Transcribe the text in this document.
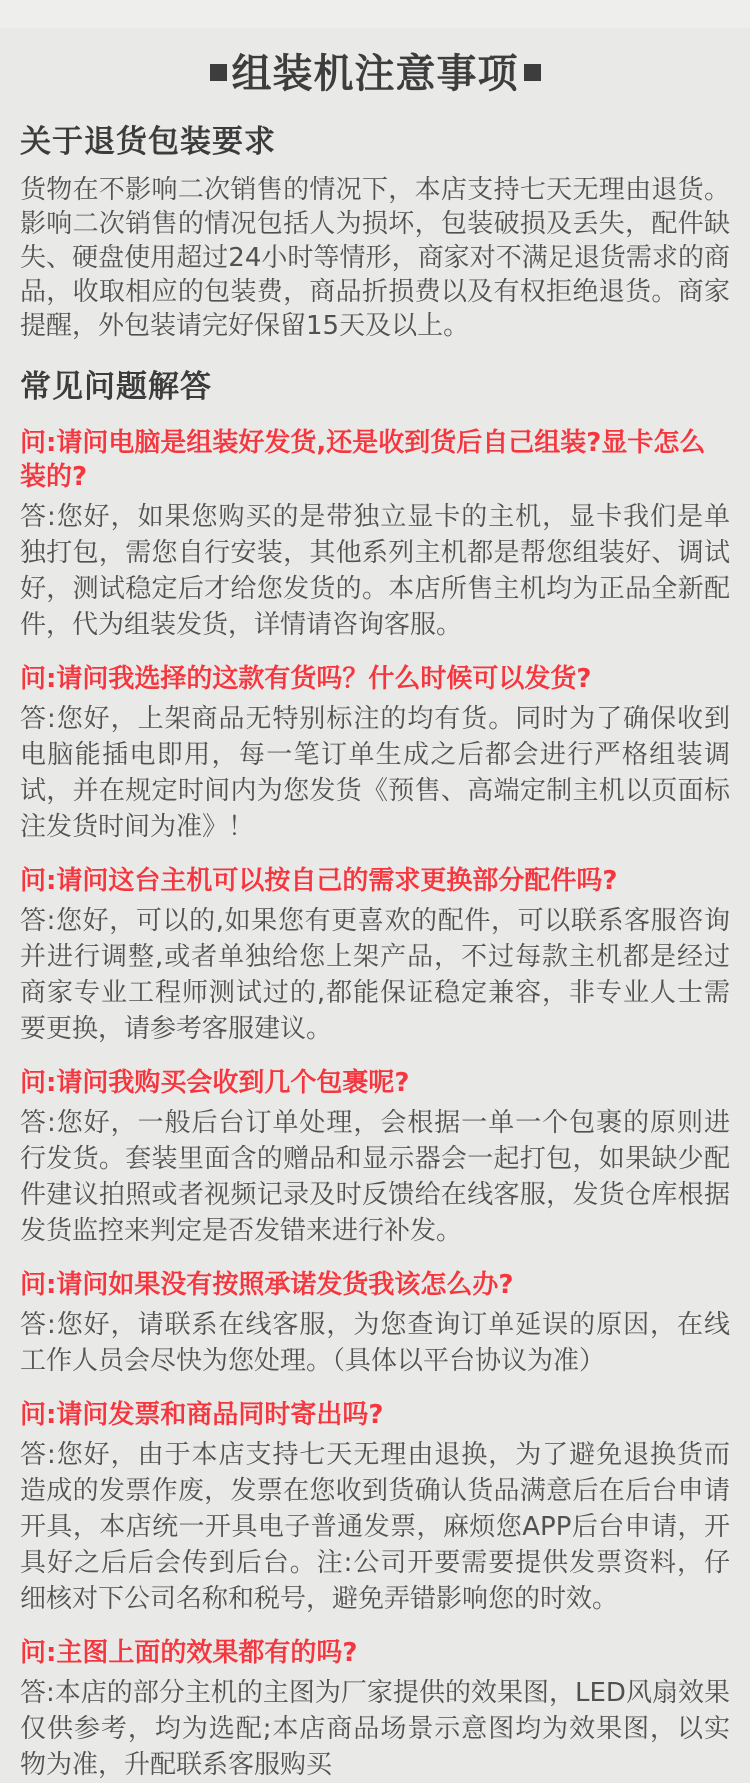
组装机注意事项
关于退货包装要求

货物在不影响二次销售的情况下，本店支持七天无理由退货。影响二次销售的情况包括人为损坏，包装破损及丢失，配件缺失、硬盘使用超过24小时等情形，商家对不满足退货需求的商品，收取相应的包装费，商品折损费以及有权拒绝退货。商家提醒，外包装请完好保留15天及以上。

常见问题解答

问:请问电脑是组装好发货,还是收到货后自己组装?显卡怎么装的?

答:您好，如果您购买的是带独立显卡的主机，显卡我们是单独打包，需您自行安装，其他系列主机都是帮您组装好、调试好，测试稳定后才给您发货的。本店所售主机均为正品全新配件，代为组装发货，详情请咨询客服。

问:请问我选择的这款有货吗？什么时候可以发货?

答:您好，上架商品无特别标注的均有货。同时为了确保收到电脑能插电即用，每一笔订单生成之后都会进行严格组装调试，并在规定时间内为您发货《预售、高端定制主机以页面标注发货时间为准》！

问:请问这台主机可以按自己的需求更换部分配件吗?

答:您好，可以的,如果您有更喜欢的配件，可以联系客服咨询并进行调整,或者单独给您上架产品，不过每款主机都是经过商家专业工程师测试过的,都能保证稳定兼容，非专业人士需要更换，请参考客服建议。

问:请问我购买会收到几个包裹呢?

答:您好，一般后台订单处理，会根据一单一个包裹的原则进行发货。套装里面含的赠品和显示器会一起打包，如果缺少配件建议拍照或者视频记录及时反馈给在线客服，发货仓库根据发货监控来判定是否发错来进行补发。

问:请问如果没有按照承诺发货我该怎么办?

答:您好，请联系在线客服，为您查询订单延误的原因，在线工作人员会尽快为您处理。（具体以平台协议为准）

问:请问发票和商品同时寄出吗?

答:您好，由于本店支持七天无理由退换，为了避免退换货而造成的发票作废，发票在您收到货确认货品满意后在后台申请开具，本店统一开具电子普通发票，麻烦您APP后台申请，开具好之后后会传到后台。注:公司开要需要提供发票资料，仔细核对下公司名称和税号，避免弄错影响您的时效。

问:主图上面的效果都有的吗?

答:本店的部分主机的主图为厂家提供的效果图，LED风扇效果仅供参考，均为选配;本店商品场景示意图均为效果图，以实物为准，升配联系客服购买
